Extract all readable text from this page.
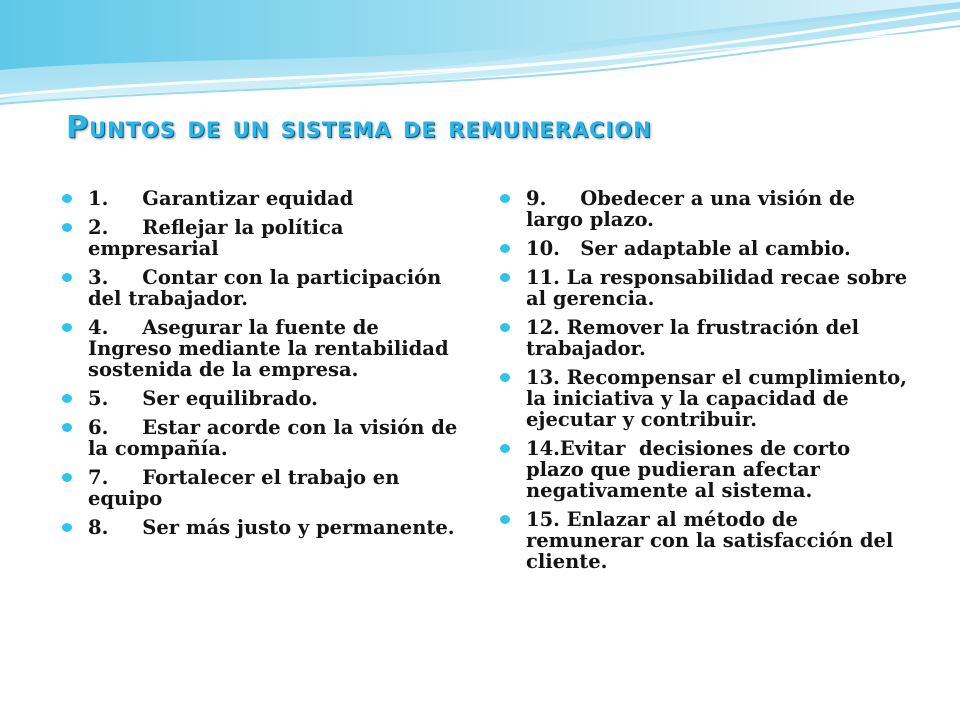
Puntos de un sistema de remuneracion
1.     Garantizar equidad
2.     Reflejar la política empresarial
3.     Contar con la participación del trabajador.
4.     Asegurar la fuente de Ingreso mediante la rentabilidad sostenida de la empresa.
5.     Ser equilibrado.
6.     Estar acorde con la visión de la compañía.
7.     Fortalecer el trabajo en equipo
8.     Ser más justo y permanente.
9.     Obedecer a una visión de largo plazo.
10.   Ser adaptable al cambio.
11. La responsabilidad recae sobre al gerencia.
12. Remover la frustración del trabajador.
13. Recompensar el cumplimiento, la iniciativa y la capacidad de ejecutar y contribuir.
14.Evitar  decisiones de corto plazo que pudieran afectar negativamente al sistema.
15. Enlazar al método de remunerar con la satisfacción del cliente.
